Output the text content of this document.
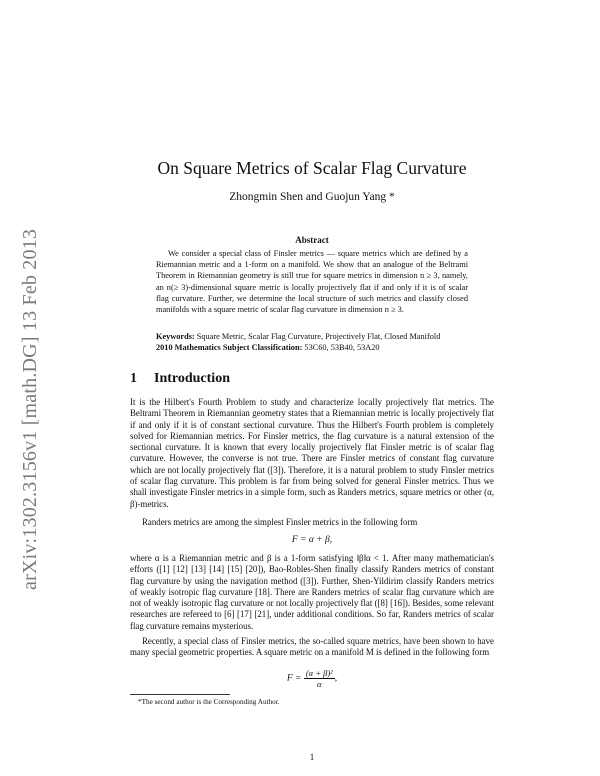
arXiv:1302.3156v1 [math.DG] 13 Feb 2013
On Square Metrics of Scalar Flag Curvature
Zhongmin Shen and Guojun Yang *
Abstract
We consider a special class of Finsler metrics — square metrics which are defined by a Riemannian metric and a 1-form on a manifold. We show that an analogue of the Beltrami Theorem in Riemannian geometry is still true for square metrics in dimension n ≥ 3, namely, an n(≥ 3)-dimensional square metric is locally projectively flat if and only if it is of scalar flag curvature. Further, we determine the local structure of such metrics and classify closed manifolds with a square metric of scalar flag curvature in dimension n ≥ 3.
Keywords: Square Metric, Scalar Flag Curvature, Projectively Flat, Closed Manifold
2010 Mathematics Subject Classification: 53C60, 53B40, 53A20
1 Introduction
It is the Hilbert's Fourth Problem to study and characterize locally projectively flat metrics. The Beltrami Theorem in Riemannian geometry states that a Riemannian metric is locally projectively flat if and only if it is of constant sectional curvature. Thus the Hilbert's Fourth problem is completely solved for Riemannian metrics. For Finsler metrics, the flag curvature is a natural extension of the sectional curvature. It is known that every locally projectively flat Finsler metric is of scalar flag curvature. However, the converse is not true. There are Finsler metrics of constant flag curvature which are not locally projectively flat ([3]). Therefore, it is a natural problem to study Finsler metrics of scalar flag curvature. This problem is far from being solved for general Finsler metrics. Thus we shall investigate Finsler metrics in a simple form, such as Randers metrics, square metrics or other (α, β)-metrics.
Randers metrics are among the simplest Finsler metrics in the following form
F = α + β,
where α is a Riemannian metric and β is a 1-form satisfying ‖β‖α < 1. After many mathematician's efforts ([1] [12] [13] [14] [15] [20]), Bao-Robles-Shen finally classify Randers metrics of constant flag curvature by using the navigation method ([3]). Further, Shen-Yildirim classify Randers metrics of weakly isotropic flag curvature [18]. There are Randers metrics of scalar flag curvature which are not of weakly isotropic flag curvature or not locally projectively flat ([8] [16]). Besides, some relevant researches are refereed to [6] [17] [21], under additional conditions. So far, Randers metrics of scalar flag curvature remains mysterious.
Recently, a special class of Finsler metrics, the so-called square metrics, have been shown to have many special geometric properties. A square metric on a manifold M is defined in the following form
$F = \frac{\text{(α + β)²}}{\alpha}$ ,
*The second author is the Corresponding Author.
1
